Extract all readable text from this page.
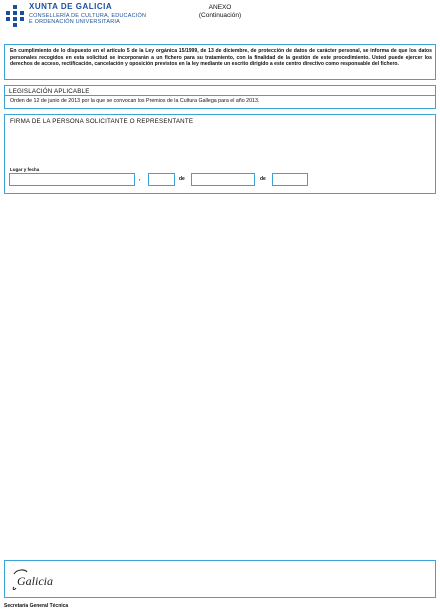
XUNTA DE GALICIA
CONSELLERÍA DE CULTURA, EDUCACIÓN
E ORDENACIÓN UNIVERSITARIA
ANEXO
(Continuación)
En cumplimiento de lo dispuesto en el artículo 5 de la Ley orgánica 15/1999, de 13 de diciembre, de protección de datos de carácter personal, se informa de que los datos personales recogidos en esta solicitud se incorporarán a un fichero para su tratamiento, con la finalidad de la gestión de este procedimiento. Usted puede ejercer los derechos de acceso, rectificación, cancelación y oposición previstos en la ley mediante un escrito dirigido a este centro directivo como responsable del fichero.
LEGISLACIÓN APLICABLE
Orden de 12 de junio de 2013 por la que se convocan los Premios de la Cultura Gallega para el año 2013.
FIRMA DE LA PERSONA SOLICITANTE O REPRESENTANTE
Lugar y fecha
,	de	de
Galicia
Secretaría General Técnica
